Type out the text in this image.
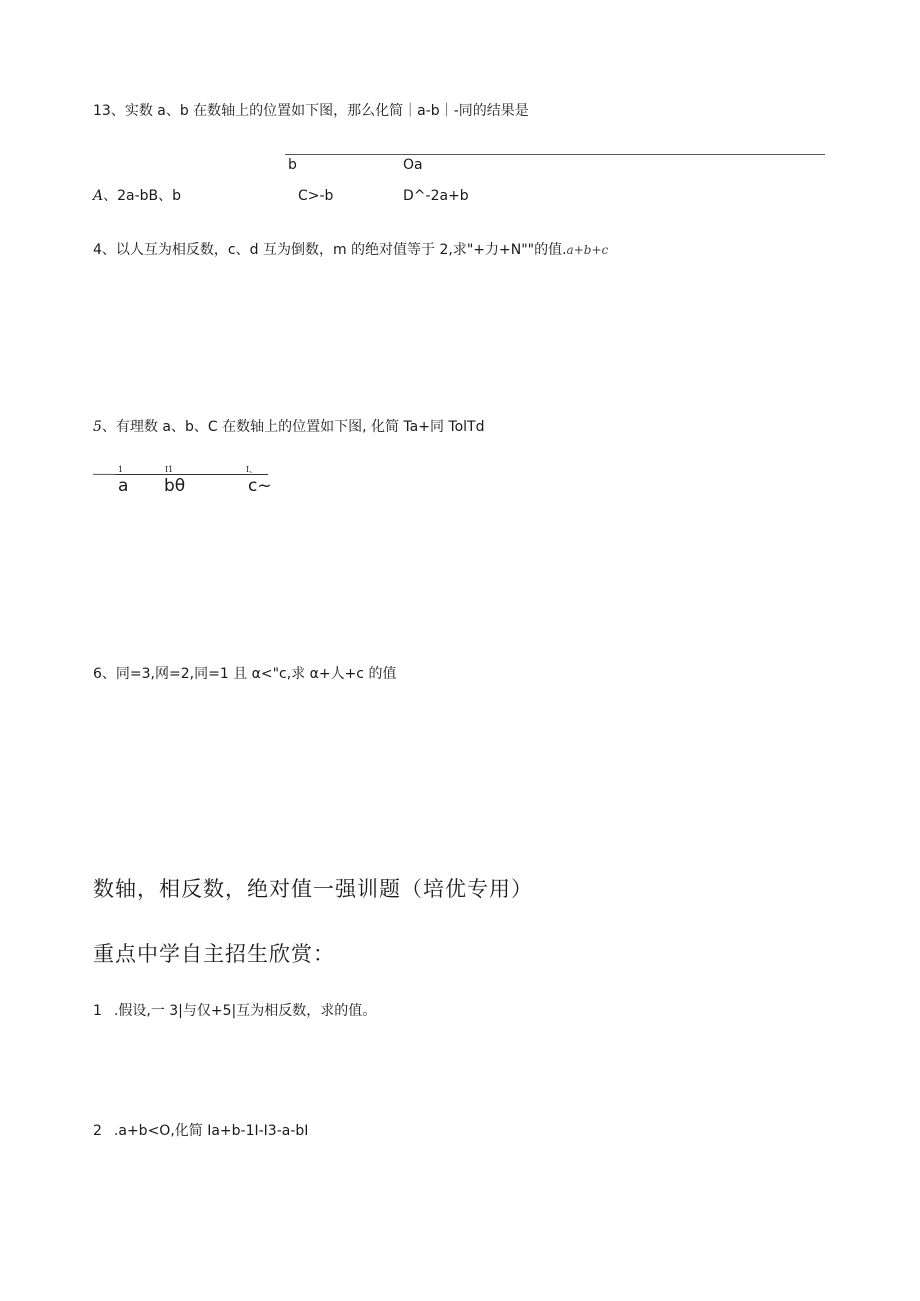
13、实数 a、b 在数轴上的位置如下图，那么化简｜a-b｜-同的结果是
b	Oa
A、2a-bB、b	C>-b	D^-2a+b
4、以人互为相反数，c、d 互为倒数，m 的绝对值等于 2,求"+力+N""的值.a+b+c
5、有理数 a、b、C 在数轴上的位置如下图, 化简 Ta+同 TolTd
1	I1	I、
____
a bθ	c~
6、同=3,网=2,同=1 且 α<"c,求 α+人+c 的值
数轴，相反数，绝对值一强训题（培优专用）
重点中学自主招生欣赏：
1 .假设,一 3|与仅+5|互为相反数，求的值。
2 .a+b<O,化简 Ia+b-1I-I3-a-bI
